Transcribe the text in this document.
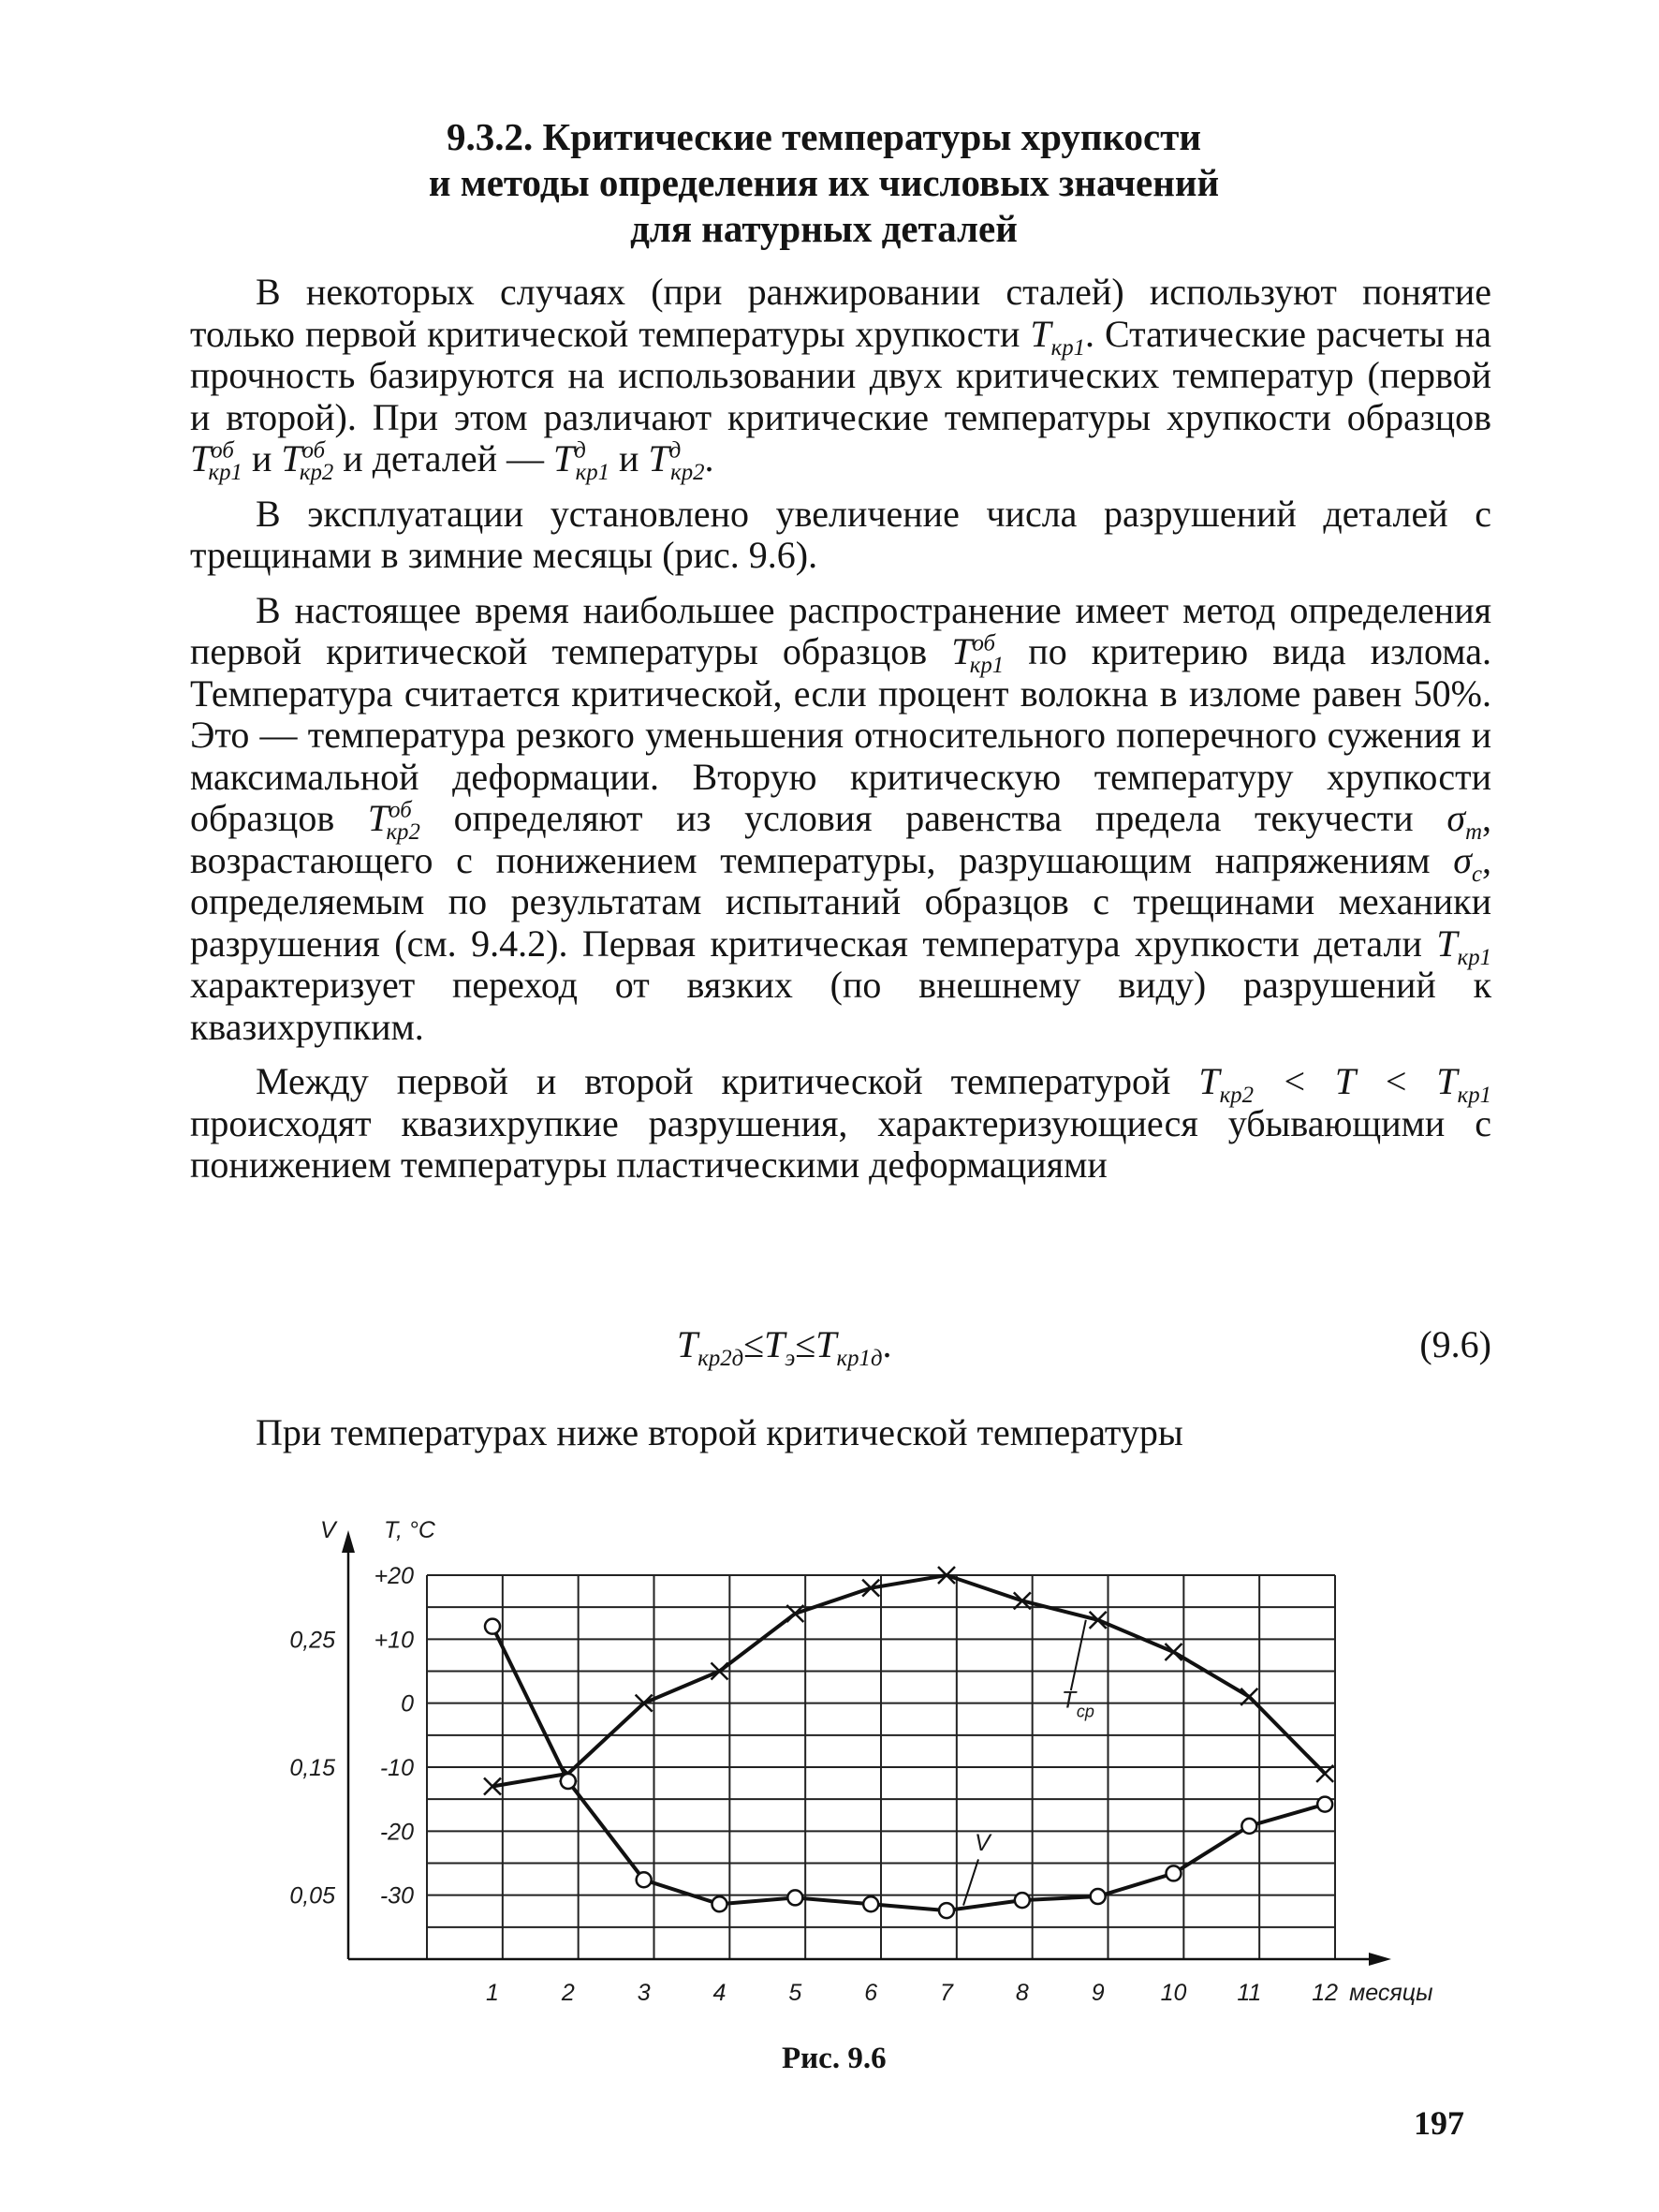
9.3.2. Критические температуры хрупкости
и методы определения их числовых значений
для натурных деталей

В некоторых случаях (при ранжировании сталей) используют понятие только первой критической температуры хрупкости $T_{кр1}$. Статические расчеты на прочность базируются на использовании двух критических температур (первой и второй). При этом различают критические температуры хрупкости образцов $T^{об}_{кр1}$ и $T^{об}_{кр2}$ и деталей — $T^д_{кр1}$ и $T^д_{кр2}$.

В эксплуатации установлено увеличение числа разрушений деталей с трещинами в зимние месяцы (рис. 9.6).

В настоящее время наибольшее распространение имеет метод определения первой критической температуры образцов $T^{об}_{кр1}$ по критерию вида излома. Температура считается критической, если процент волокна в изломе равен 50%. Это — температура резкого уменьшения относительного поперечного сужения и максимальной деформации. Вторую критическую температуру хрупкости образцов $T^{об}_{кр2}$ определяют из условия равенства предела текучести $\sigma_т$, возрастающего с понижением температуры, разрушающим напряжениям $\sigma_c$, определяемым по результатам испытаний образцов с трещинами механики разрушения (см. 9.4.2). Первая критическая температура хрупкости детали $T_{кр1}$ характеризует переход от вязких (по внешнему виду) разрушений к квазихрупким.

Между первой и второй критической температурой $T_{кр2} < T < T_{кр1}$ происходят квазихрупкие разрушения, характеризующиеся убывающими с понижением температуры пластическими деформациями

$T_{кр2д}\le T_э\le T_{кр1д}$.	(9.6)
При температурах ниже второй критической температуры
V T, °C
+20
+10
0
-10
-20
-30
0,25
0,15
0,05
1	2	3	4	5	6	7	8	9 10 11 12 месяцы
T ср
V
Рис. 9.6
197
